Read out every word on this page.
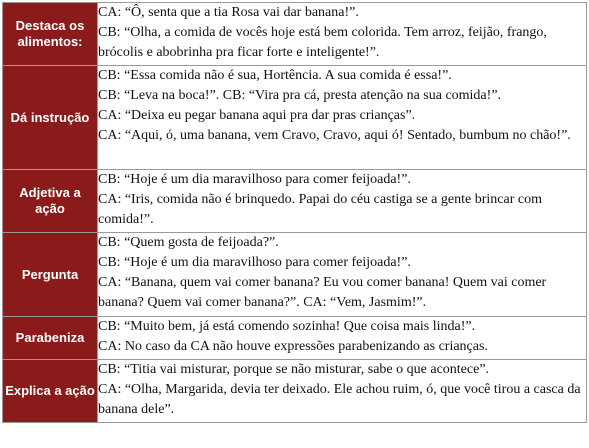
Destaca os alimentos:	CA: “Ô, senta que a tia Rosa vai dar banana!”.
CB: “Olha, a comida de vocês hoje está bem colorida. Tem arroz, feijão, frango, brócolis e abobrinha pra ficar forte e inteligente!”.

Dá instrução	CB: “Essa comida não é sua, Hortência. A sua comida é essa!”.
CB: “Leva na boca!”. CB: “Vira pra cá, presta atenção na sua comida!”.
CA: “Deixa eu pegar banana aqui pra dar pras crianças”.
CA: “Aqui, ó, uma banana, vem Cravo, Cravo, aqui ó! Sentado, bumbum no chão!”.

Adjetiva a ação	CB: “Hoje é um dia maravilhoso para comer feijoada!”.
CA: “Iris, comida não é brinquedo. Papai do céu castiga se a gente brincar com comida!”.

Pergunta	CB: “Quem gosta de feijoada?”.
CB: “Hoje é um dia maravilhoso para comer feijoada!”.
CA: “Banana, quem vai comer banana? Eu vou comer banana! Quem vai comer banana? Quem vai comer banana?”. CA: “Vem, Jasmim!”.

Parabeniza	CB: “Muito bem, já está comendo sozinha! Que coisa mais linda!”.
CA: No caso da CA não houve expressões parabenizando as crianças.

Explica a ação	CB: “Titia vai misturar, porque se não misturar, sabe o que acontece”.
CA: “Olha, Margarida, devia ter deixado. Ele achou ruim, ó, que você tirou a casca da banana dele”.
